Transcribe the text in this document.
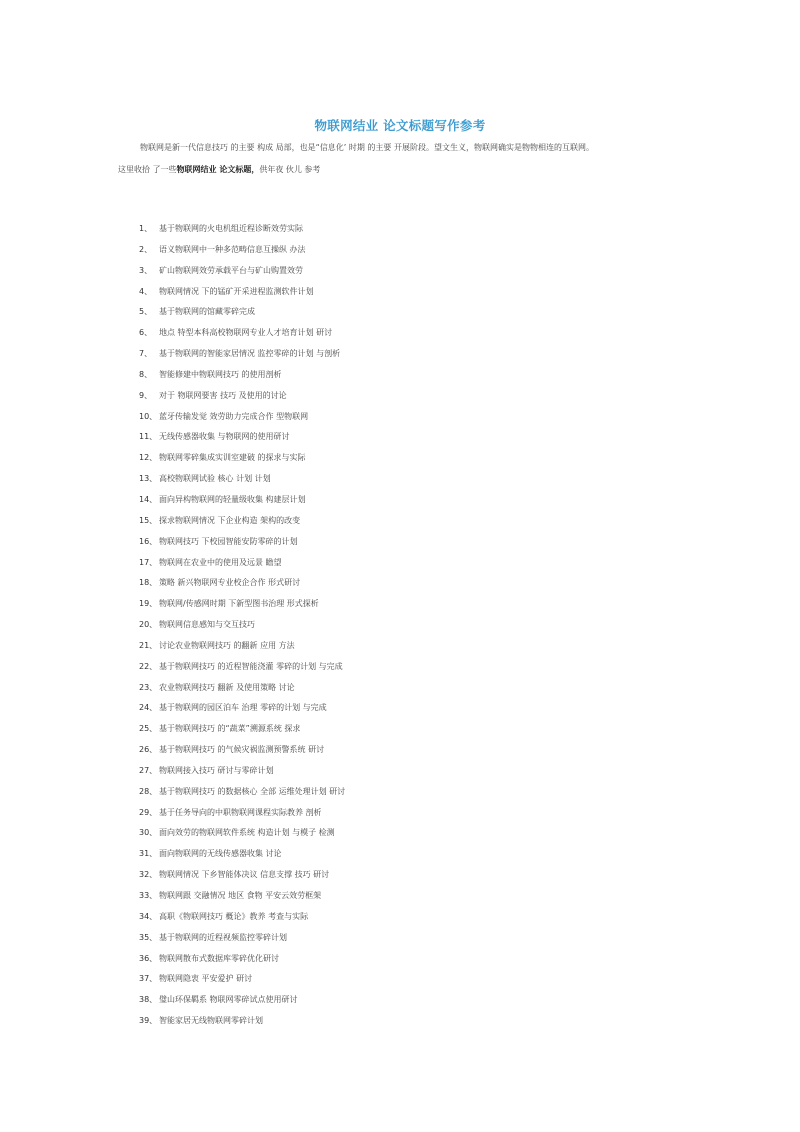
物联网结业 论文标题写作参考
物联网是新一代信息技巧 的主要 构成 局部，也是“信息化’ 时期 的主要 开展阶段。望文生义，物联网确实是物物相连的互联网。
这里收拾 了一些物联网结业 论文标题，供年夜 伙儿 参考
1、 基于物联网的火电机组近程诊断效劳实际
2、 语义物联网中一种多范畴信息互操纵 办法
3、 矿山物联网效劳承载平台与矿山购置效劳
4、 物联网情况 下的锰矿开采进程监测软件计划
5、 基于物联网的馆藏零碎完成
6、 地点 特型本科高校物联网专业人才培育计划 研讨
7、 基于物联网的智能家居情况 监控零碎的计划 与剖析
8、 智能修建中物联网技巧 的使用剖析
9、 对于 物联网要害 技巧 及使用的讨论
10、 蓝牙传输发觉 效劳助力完成合作 型物联网
11、 无线传感器收集 与物联网的使用研讨
12、 物联网零碎集成实训室建破 的探求与实际
13、 高校物联网试验 核心 计划 计划
14、 面向异构物联网的轻量级收集 构建层计划
15、 探求物联网情况 下企业构造 架构的改变
16、 物联网技巧 下校园智能安防零碎的计划
17、 物联网在农业中的使用及远景 瞻望
18、 策略 新兴物联网专业校企合作 形式研讨
19、 物联网/传感网时期 下新型图书治理 形式探析
20、 物联网信息感知与交互技巧
21、 讨论农业物联网技巧 的翻新 应用 方法
22、 基于物联网技巧 的近程智能浇灌 零碎的计划 与完成
23、 农业物联网技巧 翻新 及使用策略 讨论
24、 基于物联网的园区泊车 治理 零碎的计划 与完成
25、 基于物联网技巧 的“蔬菜”溯源系统 探求
26、 基于物联网技巧 的气候灾祸监测预警系统 研讨
27、 物联网接入技巧 研讨与零碎计划
28、 基于物联网技巧 的数据核心 全部 运维处理计划 研讨
29、 基于任务导向的中职物联网课程实际教养 剖析
30、 面向效劳的物联网软件系统 构造计划 与模子 检测
31、 面向物联网的无线传感器收集 讨论
32、 物联网情况 下乡智能体决议 信息支撑 技巧 研讨
33、 物联网跟 交融情况 地区 食物 平安云效劳框架
34、 高职《物联网技巧 概论》教养 考查与实际
35、 基于物联网的近程视频监控零碎计划
36、 物联网散布式数据库零碎优化研讨
37、 物联网隐衷 平安爱护 研讨
38、 璧山环保羁系 物联网零碎试点使用研讨
39、 智能家居无线物联网零碎计划
